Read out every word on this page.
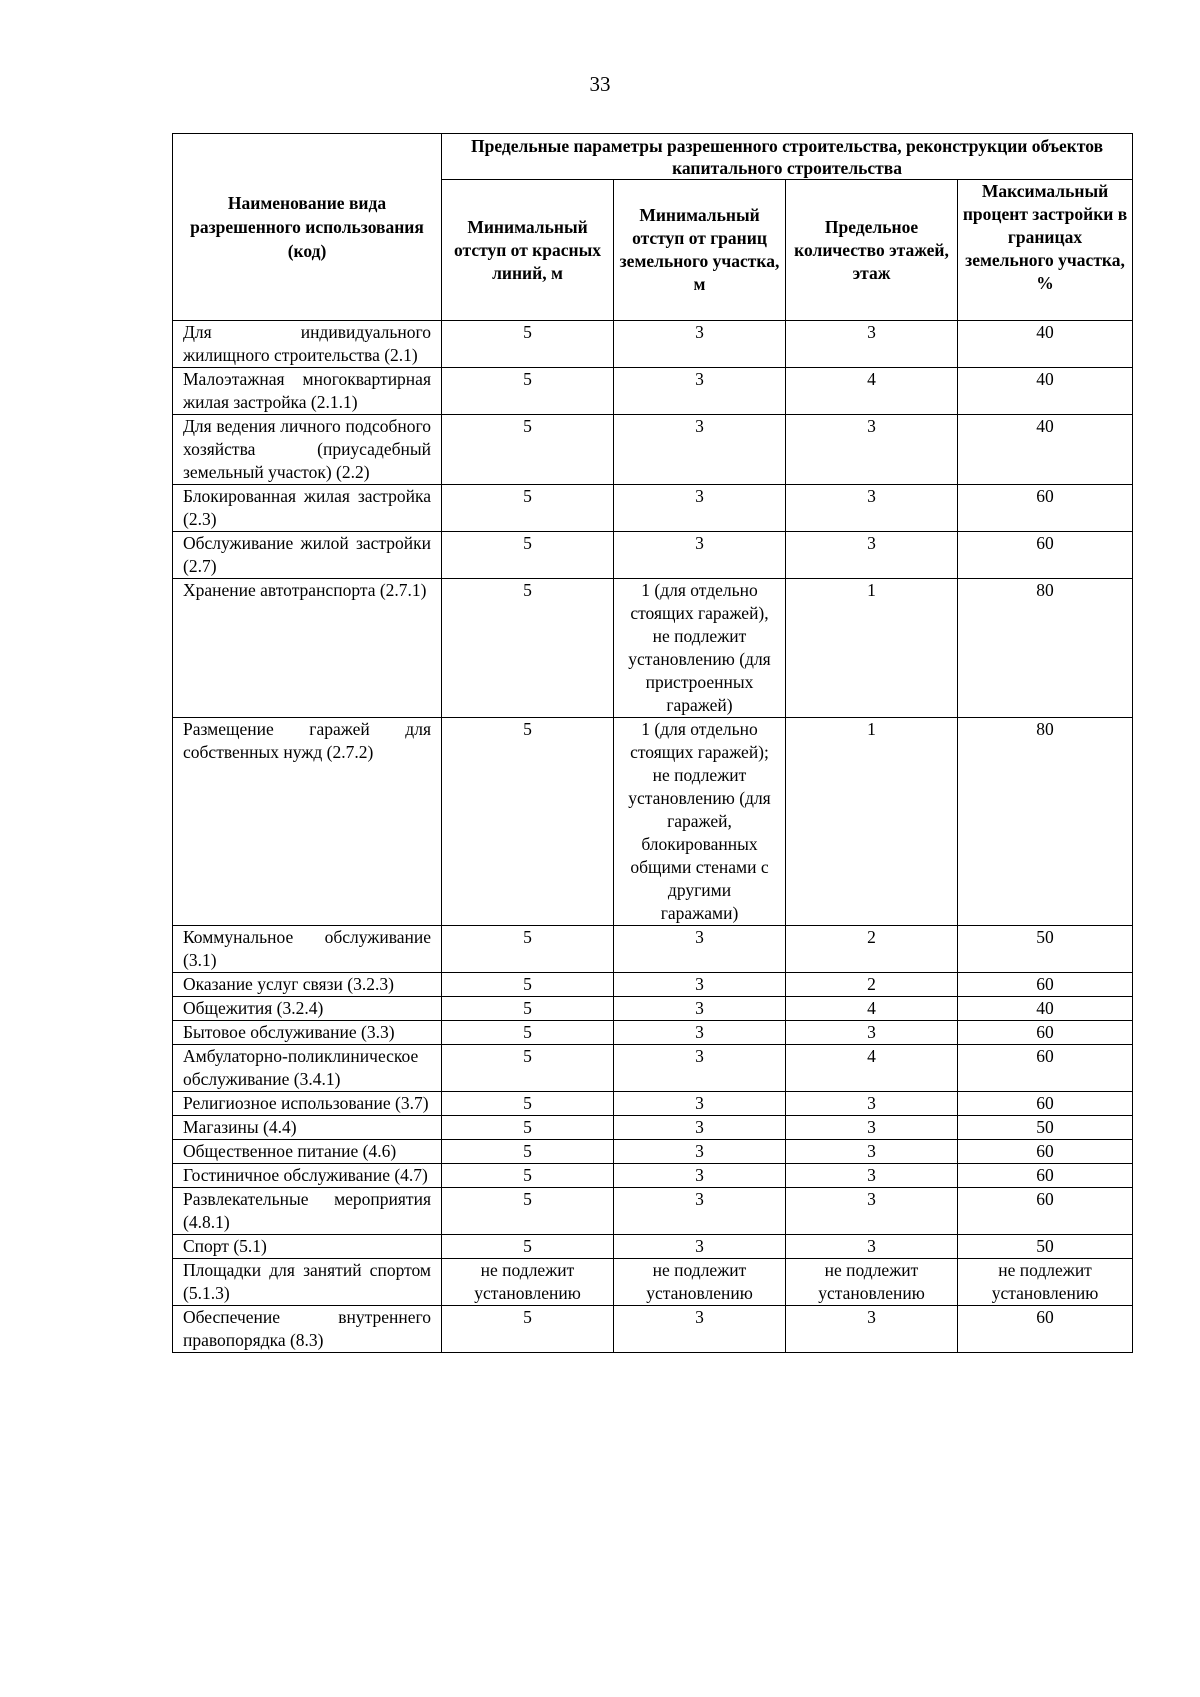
33
Наименование вида разрешенного использования (код)	Предельные параметры разрешенного строительства, реконструкции объектов капитального строительства			
	Минимальный отступ от красных линий, м	Минимальный отступ от границ земельного участка, м	Предельное количество этажей, этаж	Максимальный процент застройки в границах земельного участка, %
Для индивидуального жилищного строительства (2.1)	5	3	3	40
Малоэтажная многоквартирная жилая застройка (2.1.1)	5	3	4	40
Для ведения личного подсобного хозяйства (приусадебный земельный участок) (2.2)	5	3	3	40
Блокированная жилая застройка (2.3)	5	3	3	60
Обслуживание жилой застройки (2.7)	5	3	3	60
Хранение автотранспорта (2.7.1)	5	1 (для отдельно стоящих гаражей), не подлежит установлению (для пристроенных гаражей)	1	80
Размещение гаражей для собственных нужд (2.7.2)	5	1 (для отдельно стоящих гаражей); не подлежит установлению (для гаражей, блокированных общими стенами с другими гаражами)	1	80
Коммунальное обслуживание (3.1)	5	3	2	50
Оказание услуг связи (3.2.3)	5	3	2	60
Общежития (3.2.4)	5	3	4	40
Бытовое обслуживание (3.3)	5	3	3	60
Амбулаторно-поликлиническое обслуживание (3.4.1)	5	3	4	60
Религиозное использование (3.7)	5	3	3	60
Магазины (4.4)	5	3	3	50
Общественное питание (4.6)	5	3	3	60
Гостиничное обслуживание (4.7)	5	3	3	60
Развлекательные мероприятия (4.8.1)	5	3	3	60
Спорт (5.1)	5	3	3	50
Площадки для занятий спортом (5.1.3)	не подлежит установлению	не подлежит установлению	не подлежит установлению	не подлежит установлению
Обеспечение внутреннего правопорядка (8.3)	5	3	3	60
